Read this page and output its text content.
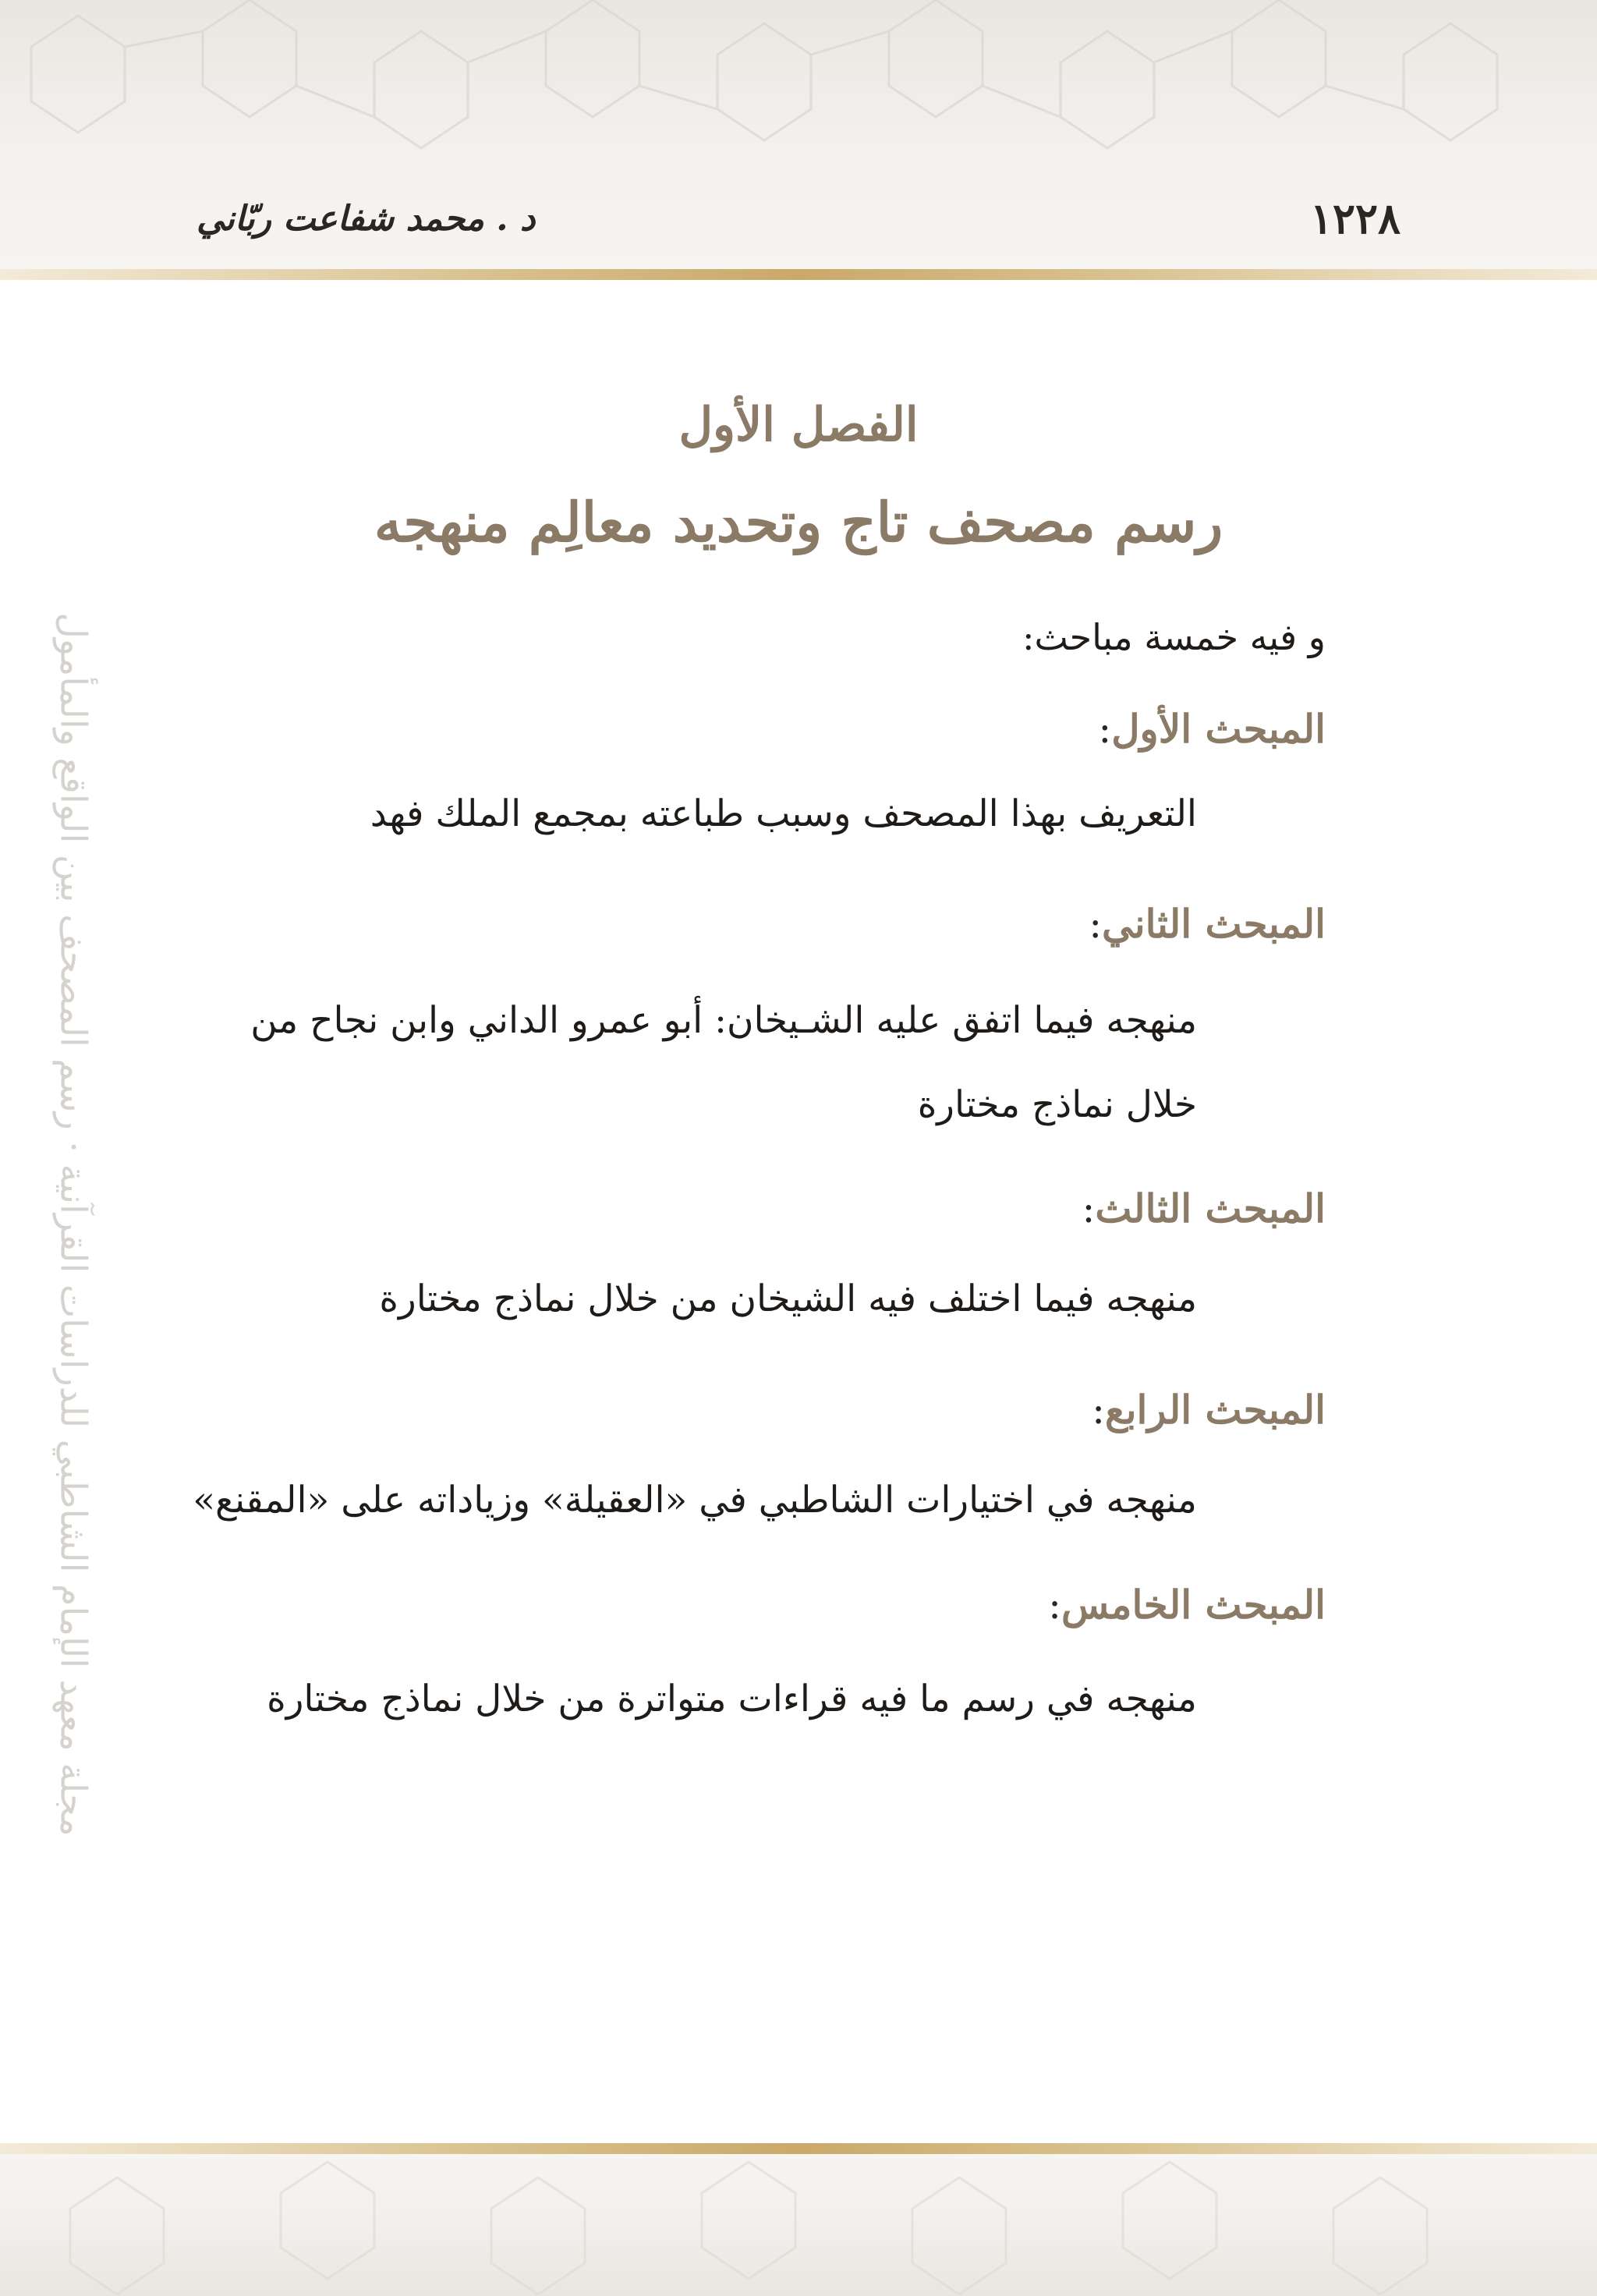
١٢٢٨
د . محمد شفاعت ربّاني
مجلة معهد الإمام الشاطبي للدراسات القرآنية · رسم المصحف بين الواقع والمأمول
الفصل الأول
رسم مصحف تاج وتحديد معالِم منهجه
و فيه خمسة مباحث:
المبحث الأول:
التعريف بهذا المصحف وسبب طباعته بمجمع الملك فهد
المبحث الثاني:
منهجه فيما اتفق عليه الشـيخان: أبو عمرو الداني وابن نجاح من خلال نماذج مختارة
المبحث الثالث:
منهجه فيما اختلف فيه الشيخان من خلال نماذج مختارة
المبحث الرابع:
منهجه في اختيارات الشاطبي في «العقيلة» وزياداته على «المقنع»
المبحث الخامس:
منهجه في رسم ما فيه قراءات متواترة من خلال نماذج مختارة
